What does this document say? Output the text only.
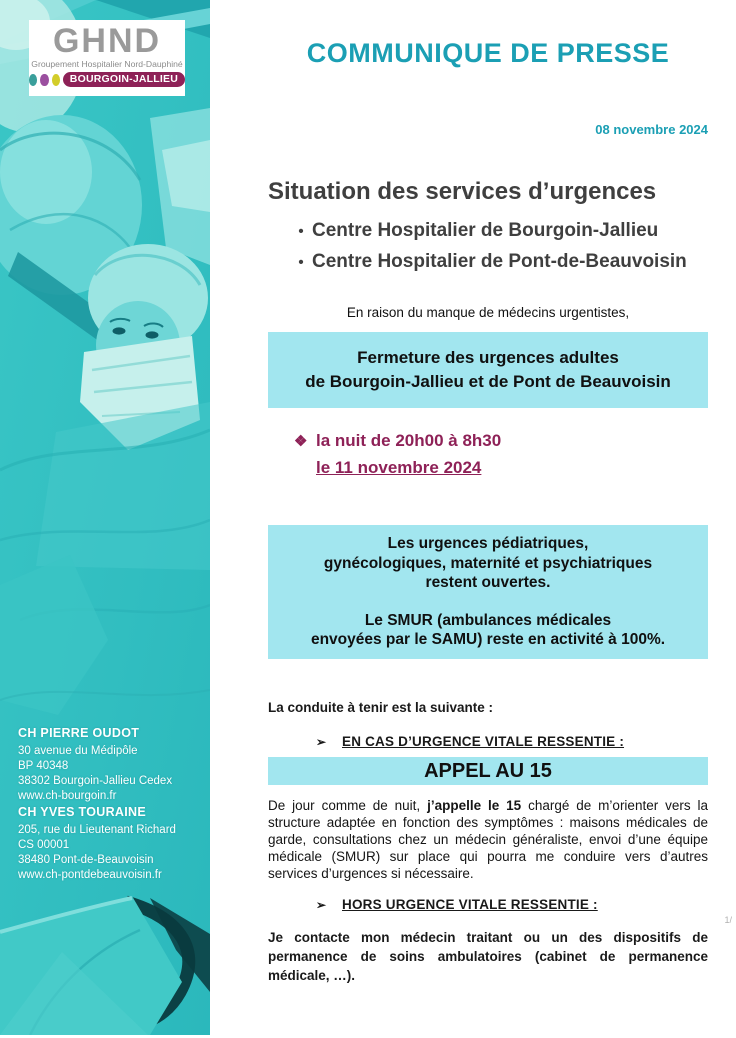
GHND
Groupement Hospitalier Nord-Dauphiné
BOURGOIN-JALLIEU
CH PIERRE OUDOT
30 avenue du Médipôle
BP 40348
38302 Bourgoin-Jallieu Cedex
www.ch-bourgoin.fr
CH YVES TOURAINE
205, rue du Lieutenant Richard
CS 00001
38480 Pont-de-Beauvoisin
www.ch-pontdebeauvoisin.fr
COMMUNIQUE DE PRESSE
08 novembre 2024
Situation des services d’urgences
• Centre Hospitalier de Bourgoin-Jallieu
• Centre Hospitalier de Pont-de-Beauvoisin
En raison du manque de médecins urgentistes,
Fermeture des urgences adultes
de Bourgoin-Jallieu et de Pont de Beauvoisin
❖ la nuit de 20h00 à 8h30
le 11 novembre 2024
Les urgences pédiatriques,
gynécologiques, maternité et psychiatriques
restent ouvertes.
Le SMUR (ambulances médicales
envoyées par le SAMU) reste en activité à 100%.
La conduite à tenir est la suivante :
➢	EN CAS D’URGENCE VITALE RESSENTIE :
APPEL AU 15

De jour comme de nuit, j’appelle le 15 chargé de m’orienter vers la structure adaptée en fonction des symptômes : maisons médicales de garde, consultations chez un médecin généraliste, envoi d’une équipe médicale (SMUR) sur place qui pourra me conduire vers d’autres services d’urgences si nécessaire.

➢	HORS URGENCE VITALE RESSENTIE :

Je contacte mon médecin traitant ou un des dispositifs de permanence de soins ambulatoires (cabinet de permanence médicale, …).

1/
